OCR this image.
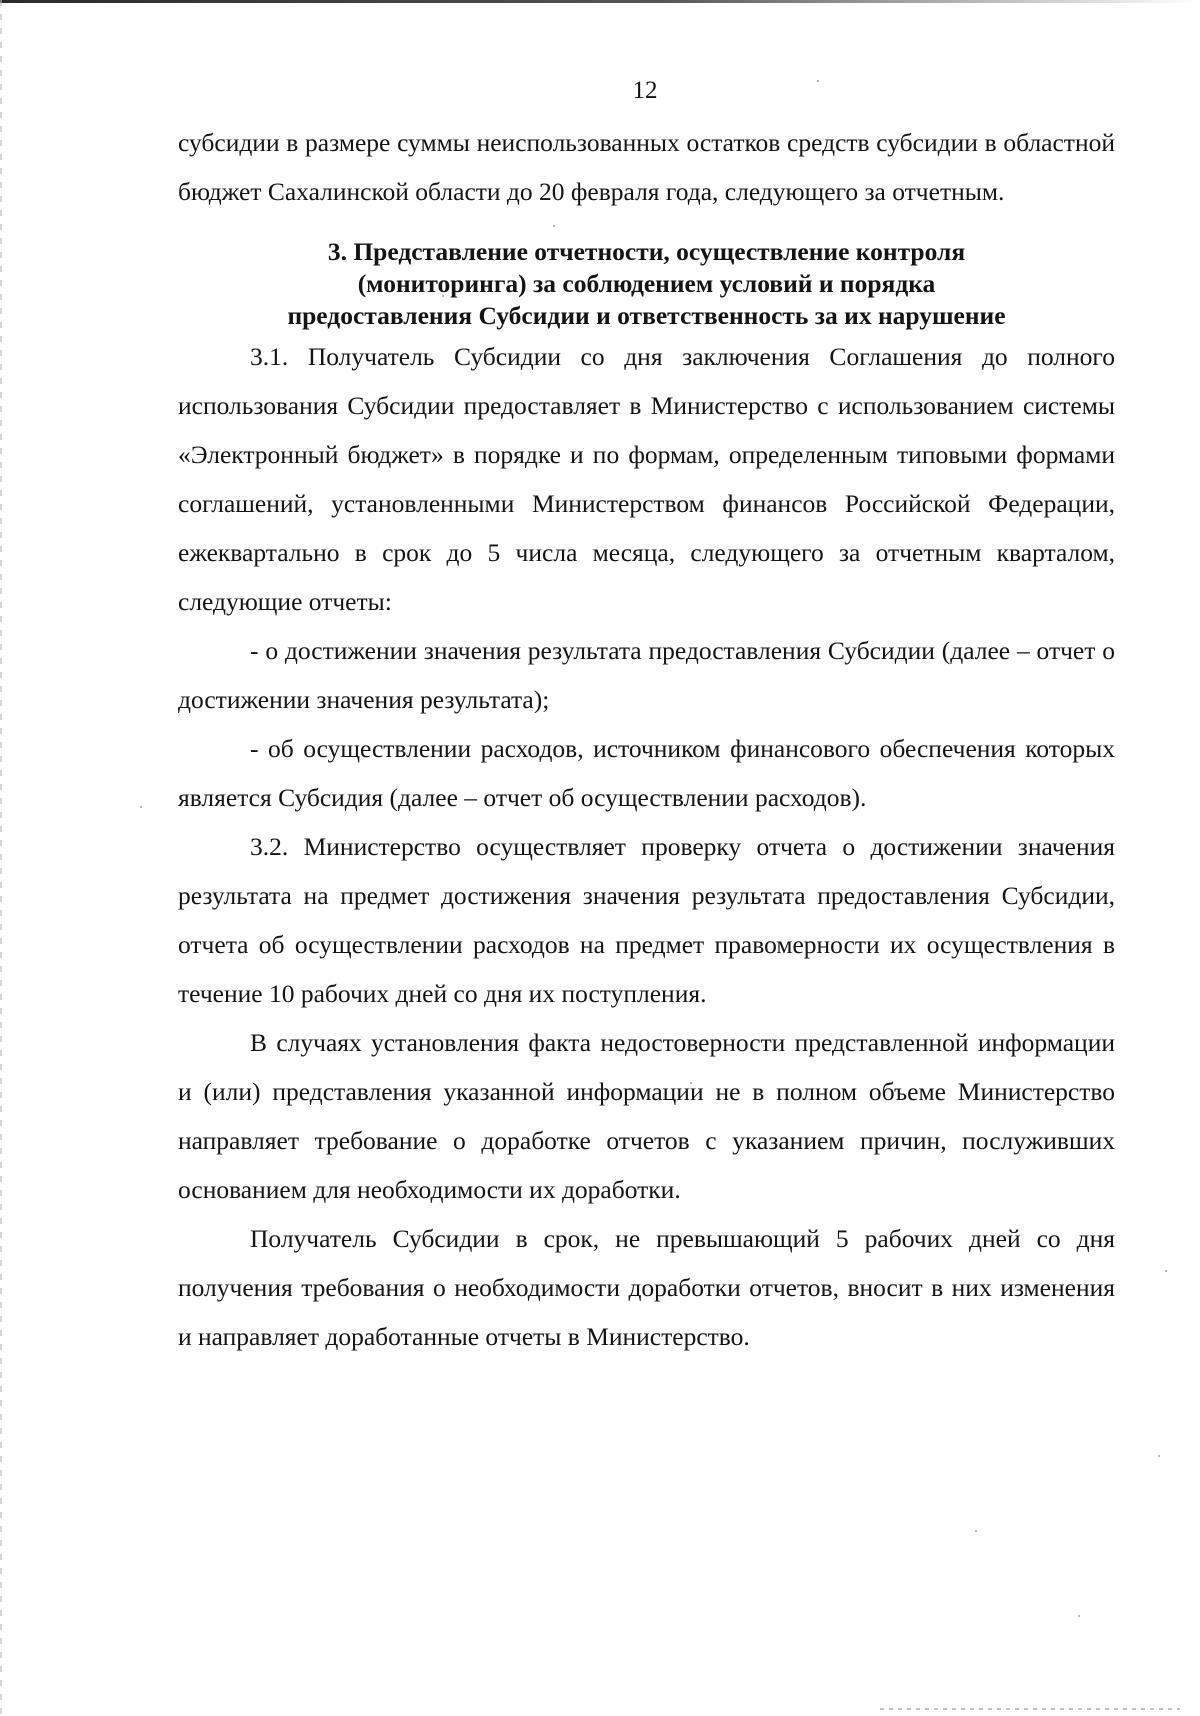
12

субсидии в размере суммы неиспользованных остатков средств субсидии в областной бюджет Сахалинской области до 20 февраля года, следующего за отчетным.

3. Представление отчетности, осуществление контроля
(мониторинга) за соблюдением условий и порядка
предоставления Субсидии и ответственность за их нарушение

3.1. Получатель Субсидии со дня заключения Соглашения до полного использования Субсидии предоставляет в Министерство с использованием системы «Электронный бюджет» в порядке и по формам, определенным типовыми формами соглашений, установленными Министерством финансов Российской Федерации, ежеквартально в срок до 5 числа месяца, следующего за отчетным кварталом, следующие отчеты:

- о достижении значения результата предоставления Субсидии (далее – отчет о достижении значения результата);

- об осуществлении расходов, источником финансового обеспечения которых является Субсидия (далее – отчет об осуществлении расходов).

3.2. Министерство осуществляет проверку отчета о достижении значения результата на предмет достижения значения результата предоставления Субсидии, отчета об осуществлении расходов на предмет правомерности их осуществления в течение 10 рабочих дней со дня их поступления.

В случаях установления факта недостоверности представленной информации и (или) представления указанной информации не в полном объеме Министерство направляет требование о доработке отчетов с указанием причин, послуживших основанием для необходимости их доработки.

Получатель Субсидии в срок, не превышающий 5 рабочих дней со дня получения требования о необходимости доработки отчетов, вносит в них изменения и направляет доработанные отчеты в Министерство.
